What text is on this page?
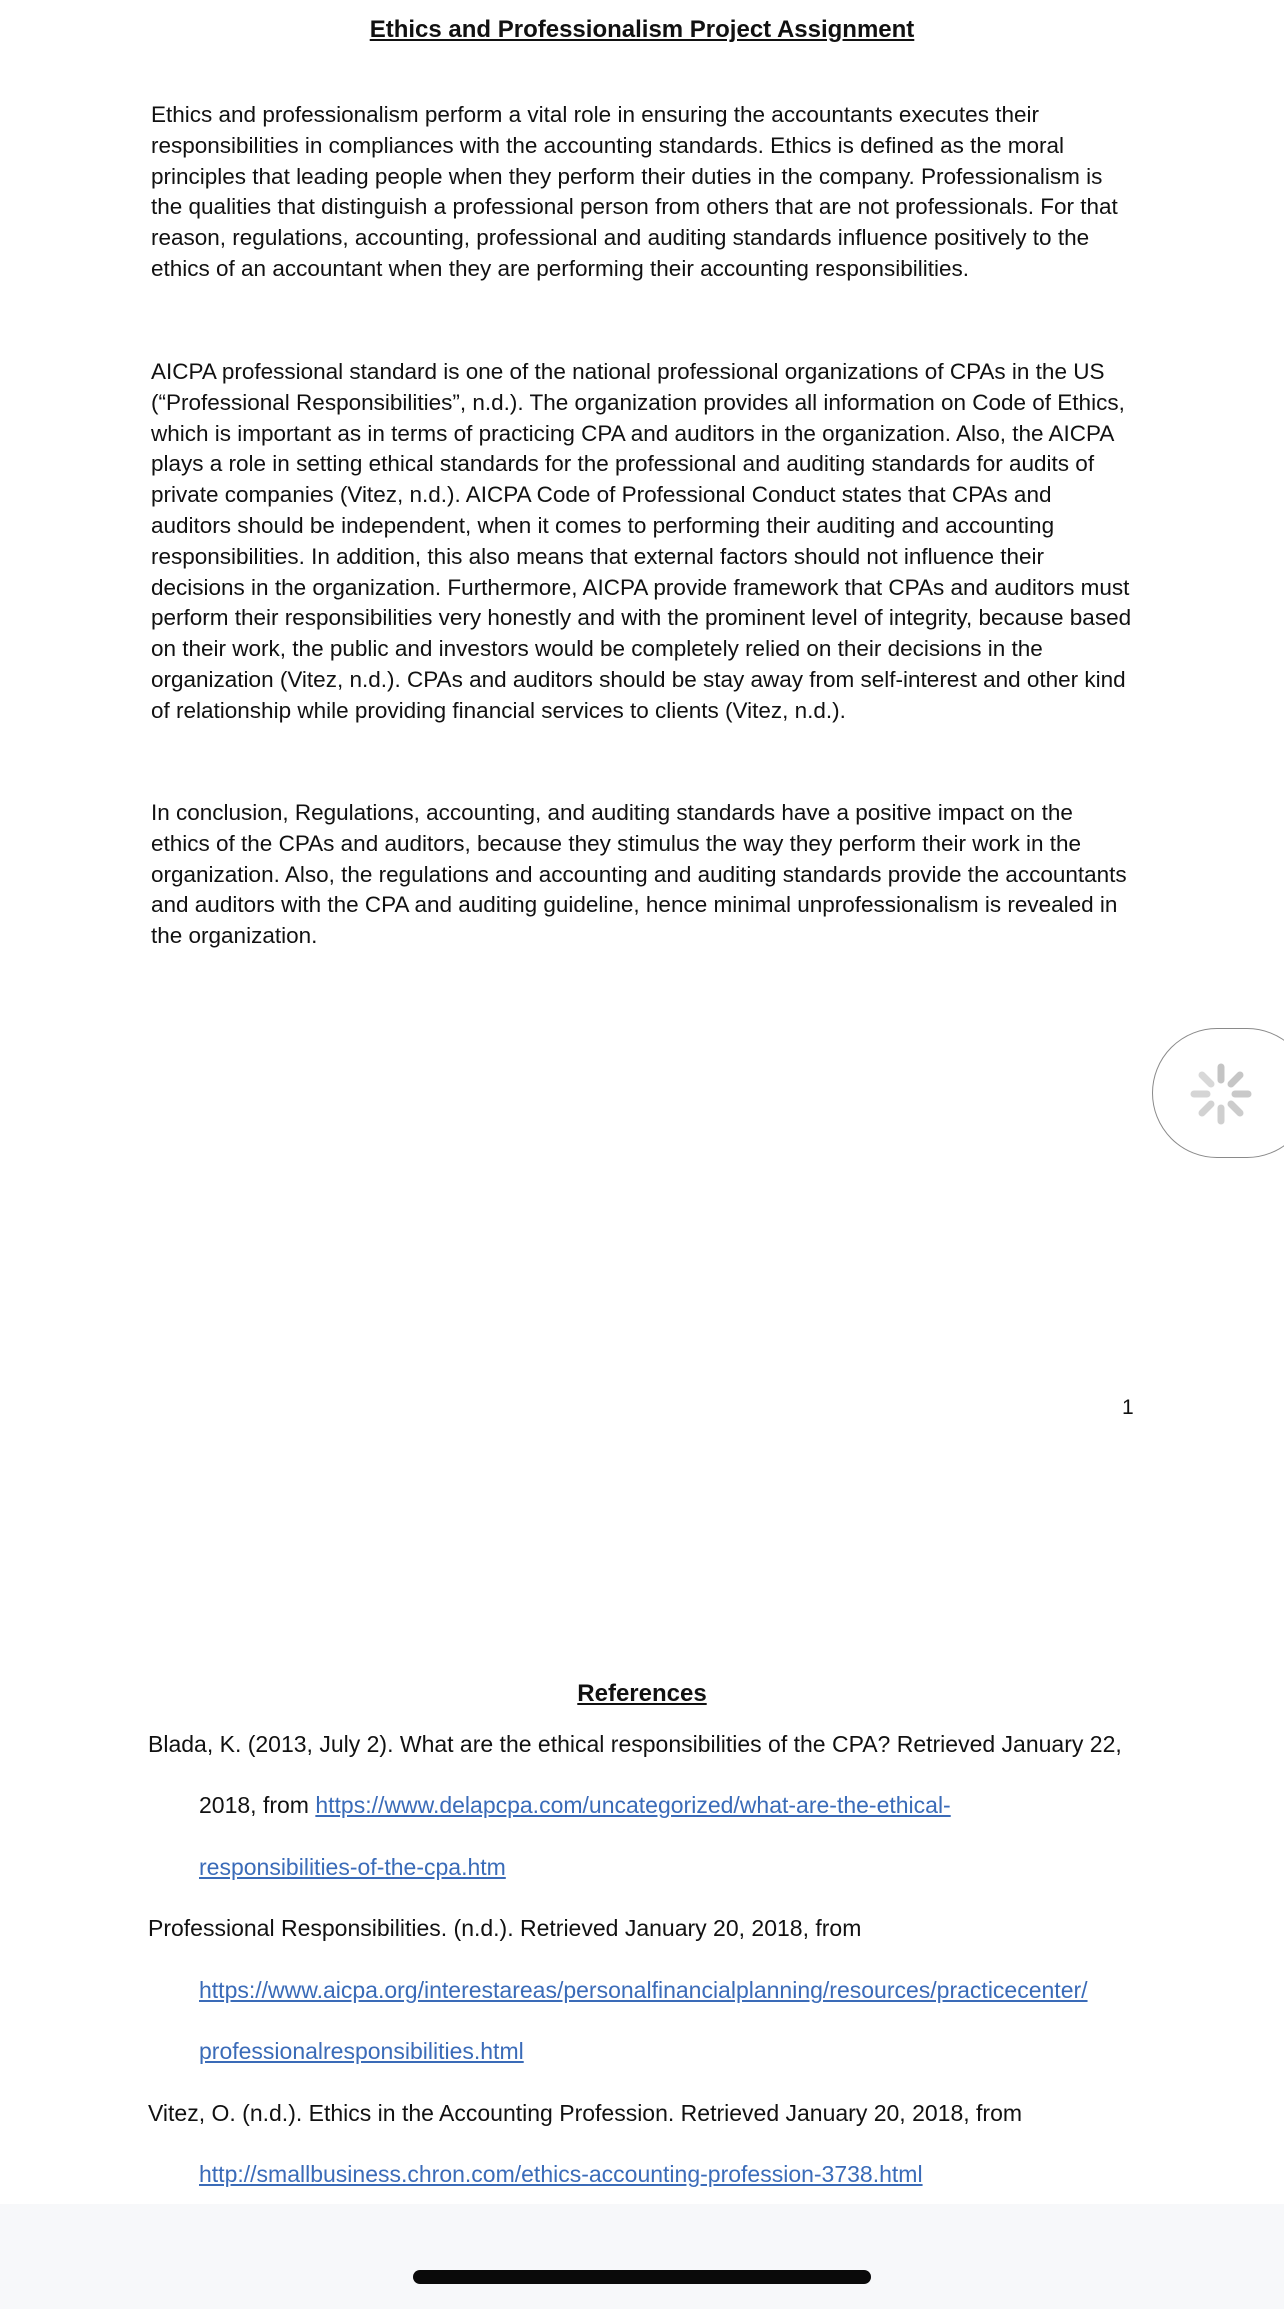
Ethics and Professionalism Project Assignment
Ethics and professionalism perform a vital role in ensuring the accountants executes their responsibilities in compliances with the accounting standards. Ethics is defined as the moral principles that leading people when they perform their duties in the company. Professionalism is the qualities that distinguish a professional person from others that are not professionals. For that reason, regulations, accounting, professional and auditing standards influence positively to the ethics of an accountant when they are performing their accounting responsibilities.
AICPA professional standard is one of the national professional organizations of CPAs in the US (“Professional Responsibilities”, n.d.). The organization provides all information on Code of Ethics, which is important as in terms of practicing CPA and auditors in the organization. Also, the AICPA plays a role in setting ethical standards for the professional and auditing standards for audits of private companies (Vitez, n.d.). AICPA Code of Professional Conduct states that CPAs and auditors should be independent, when it comes to performing their auditing and accounting responsibilities. In addition, this also means that external factors should not influence their decisions in the organization. Furthermore, AICPA provide framework that CPAs and auditors must perform their responsibilities very honestly and with the prominent level of integrity, because based on their work, the public and investors would be completely relied on their decisions in the organization (Vitez, n.d.). CPAs and auditors should be stay away from self-interest and other kind of relationship while providing financial services to clients (Vitez, n.d.).
In conclusion, Regulations, accounting, and auditing standards have a positive impact on the ethics of the CPAs and auditors, because they stimulus the way they perform their work in the organization. Also, the regulations and accounting and auditing standards provide the accountants and auditors with the CPA and auditing guideline, hence minimal unprofessionalism is revealed in the organization.
1
References
Blada, K. (2013, July 2). What are the ethical responsibilities of the CPA? Retrieved January 22,
2018, from https://www.delapcpa.com/uncategorized/what-are-the-ethical-
responsibilities-of-the-cpa.htm
Professional Responsibilities. (n.d.). Retrieved January 20, 2018, from
https://www.aicpa.org/interestareas/personalfinancialplanning/resources/practicecenter/
professionalresponsibilities.html
Vitez, O. (n.d.). Ethics in the Accounting Profession. Retrieved January 20, 2018, from
http://smallbusiness.chron.com/ethics-accounting-profession-3738.html
